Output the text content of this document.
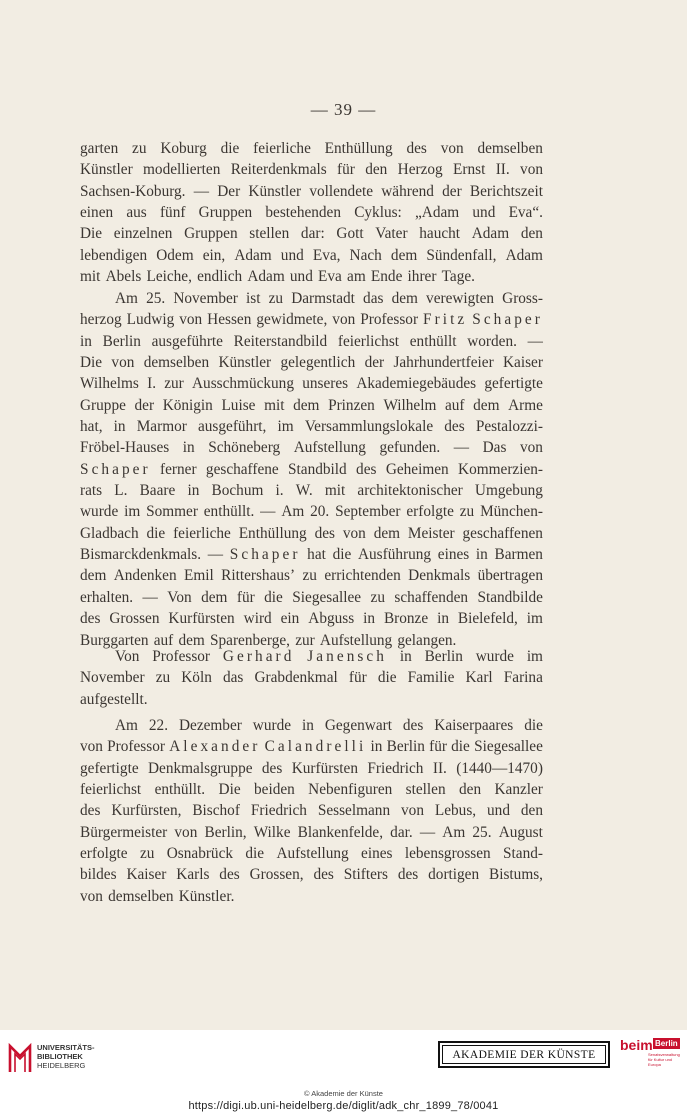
— 39 —
garten zu Koburg die feierliche Enthüllung des von demselben
Künstler modellierten Reiterdenkmals für den Herzog Ernst II. von
Sachsen-Koburg. — Der Künstler vollendete während der Berichtszeit
einen aus fünf Gruppen bestehenden Cyklus: „Adam und Eva“.
Die einzelnen Gruppen stellen dar: Gott Vater haucht Adam den
lebendigen Odem ein, Adam und Eva, Nach dem Sündenfall, Adam
mit Abels Leiche, endlich Adam und Eva am Ende ihrer Tage.
Am 25. November ist zu Darmstadt das dem verewigten Gross-
herzog Ludwig von Hessen gewidmete, von Professor Fritz Schaper
in Berlin ausgeführte Reiterstandbild feierlichst enthüllt worden. —
Die von demselben Künstler gelegentlich der Jahrhundertfeier Kaiser
Wilhelms I. zur Ausschmückung unseres Akademiegebäudes gefertigte
Gruppe der Königin Luise mit dem Prinzen Wilhelm auf dem Arme
hat, in Marmor ausgeführt, im Versammlungslokale des Pestalozzi-
Fröbel-Hauses in Schöneberg Aufstellung gefunden. — Das von
Schaper ferner geschaffene Standbild des Geheimen Kommerzien-
rats L. Baare in Bochum i. W. mit architektonischer Umgebung
wurde im Sommer enthüllt. — Am 20. September erfolgte zu München-
Gladbach die feierliche Enthüllung des von dem Meister geschaffenen
Bismarckdenkmals. — Schaper hat die Ausführung eines in Barmen
dem Andenken Emil Rittershaus’ zu errichtenden Denkmals übertragen
erhalten. — Von dem für die Siegesallee zu schaffenden Standbilde
des Grossen Kurfürsten wird ein Abguss in Bronze in Bielefeld, im
Burggarten auf dem Sparenberge, zur Aufstellung gelangen.
Von Professor Gerhard Janensch in Berlin wurde im
November zu Köln das Grabdenkmal für die Familie Karl Farina
aufgestellt.
Am 22. Dezember wurde in Gegenwart des Kaiserpaares die
von Professor Alexander Calandrelli in Berlin für die Siegesallee
gefertigte Denkmalsgruppe des Kurfürsten Friedrich II. (1440—1470)
feierlichst enthüllt. Die beiden Nebenfiguren stellen den Kanzler
des Kurfürsten, Bischof Friedrich Sesselmann von Lebus, und den
Bürgermeister von Berlin, Wilke Blankenfelde, dar. — Am 25. August
erfolgte zu Osnabrück die Aufstellung eines lebensgrossen Stand-
bildes Kaiser Karls des Grossen, des Stifters des dortigen Bistums,
von demselben Künstler.
UNIVERSITÄTS-
BIBLIOTHEK
HEIDELBERG
AKADEMIE DER KÜNSTE
beim Berlin
Senatsverwaltung für Kultur und Europa
© Akademie der Künste
https://digi.ub.uni-heidelberg.de/diglit/adk_chr_1899_78/0041
